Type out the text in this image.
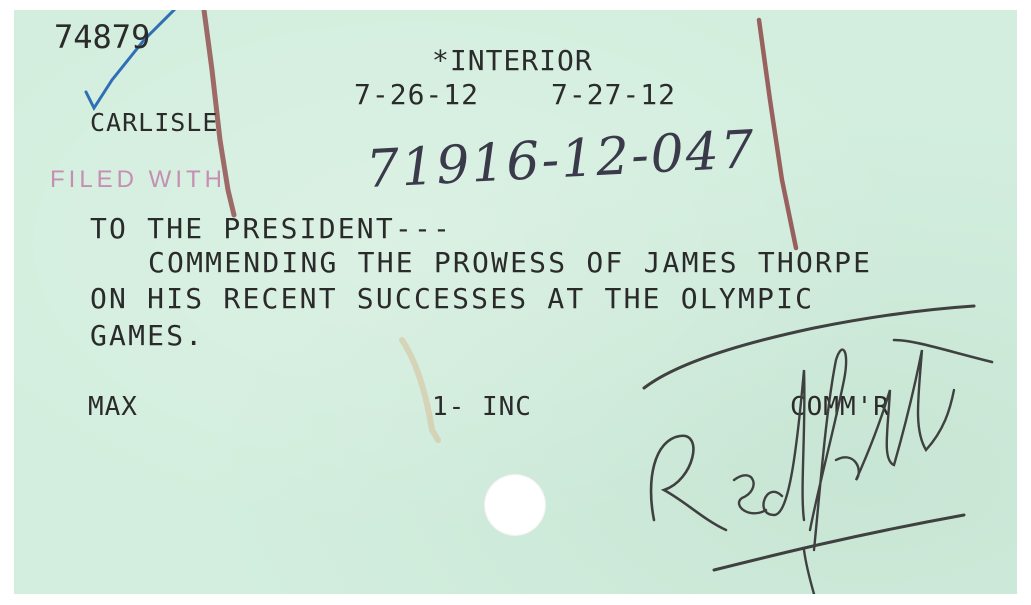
74879

*INTERIOR

7-26-12	7-27-12

CARLISLE

FILED WITH	71916-12-047

TO THE PRESIDENT---

COMMENDING THE PROWESS OF JAMES THORPE

ON HIS RECENT SUCCESSES AT THE OLYMPIC

GAMES.

MAX	1- INC	COMM'R
